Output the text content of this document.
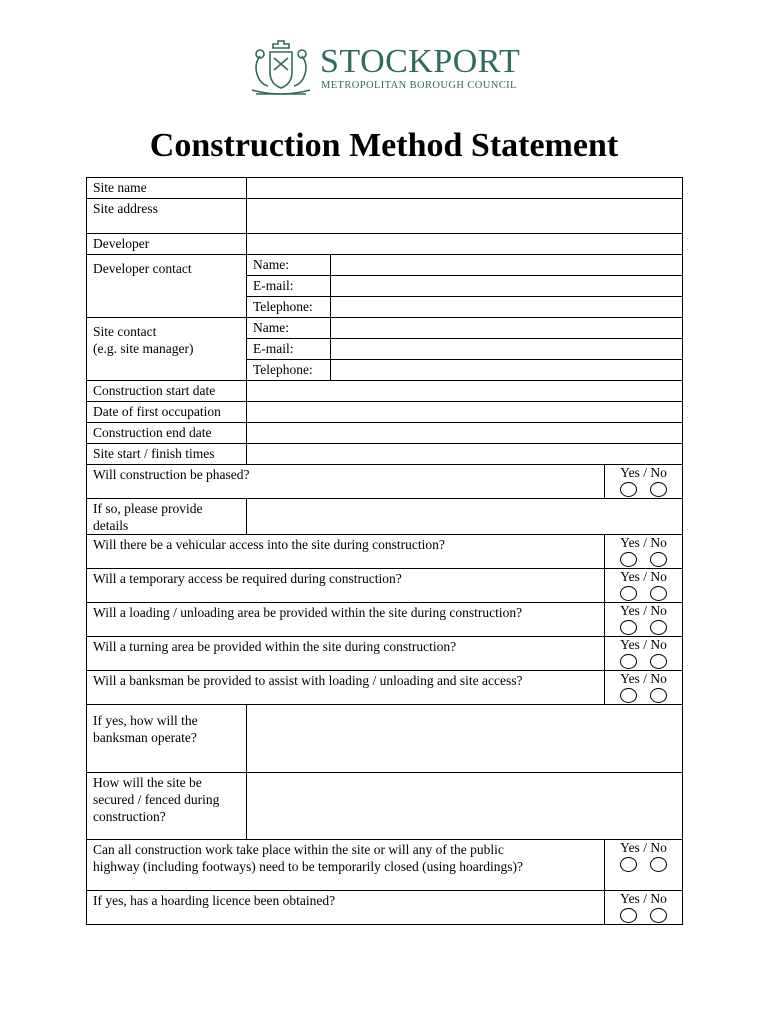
STOCKPORT
METROPOLITAN BOROUGH COUNCIL
Construction Method Statement
Site name			
Site address			
Developer			
Developer contact	Name:		
	E-mail:		
	Telephone:		
Site contact
(e.g. site manager)	Name:		
	E-mail:		
	Telephone:		
Construction start date			
Date of first occupation			
Construction end date			
Site start / finish times			
Will construction be phased?			Yes / No

If so, please provide
details			
Will there be a vehicular access into the site during construction?			Yes / No

Will a temporary access be required during construction?			Yes / No

Will a loading / unloading area be provided within the site during construction?			Yes / No

Will a turning area be provided within the site during construction?			Yes / No

Will a banksman be provided to assist with loading / unloading and site access?			Yes / No

If yes, how will the
banksman operate?			
How will the site be
secured / fenced during
construction?			
Can all construction work take place within the site or will any of the public
highway (including footways) need to be temporarily closed (using hoardings)?			Yes / No

If yes, has a hoarding licence been obtained?			Yes / No
